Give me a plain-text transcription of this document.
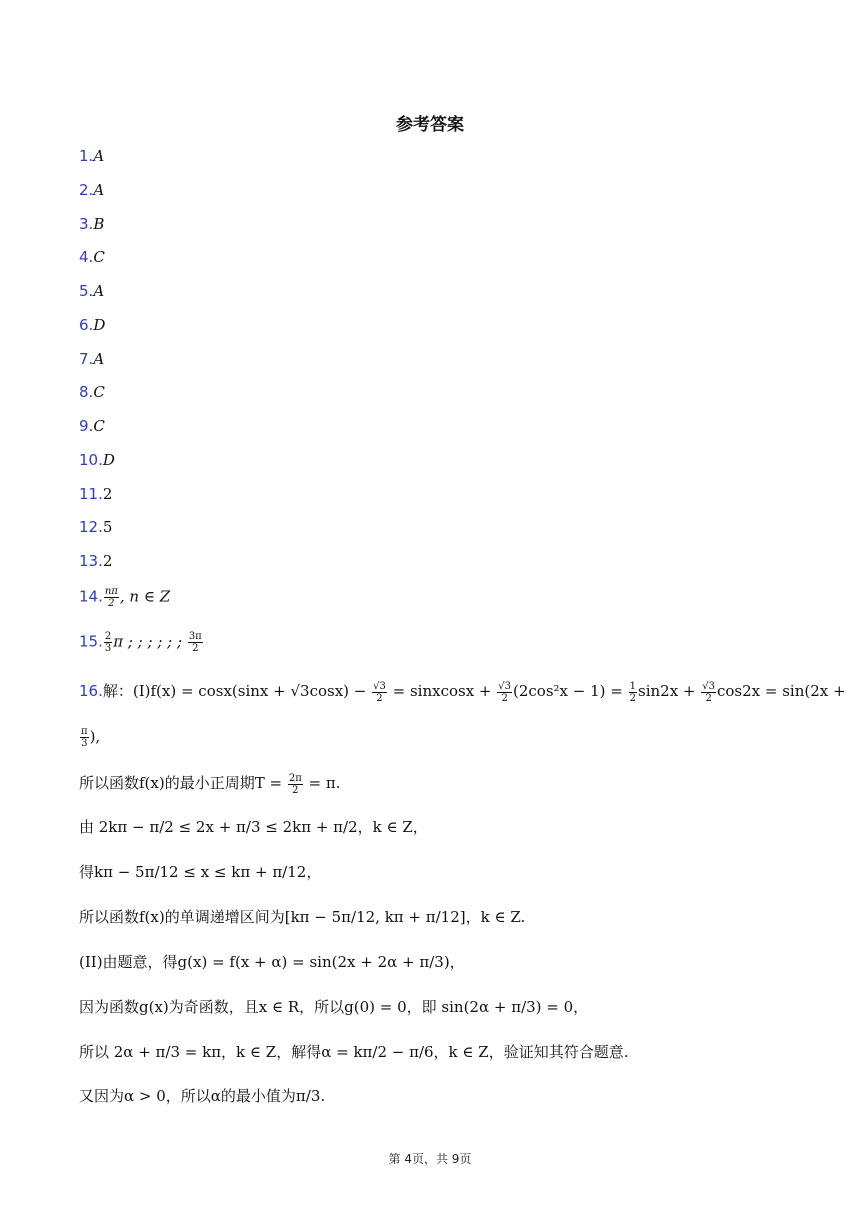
参考答案
1.A
2.A
3.B
4.C
5.A
6.D
7.A
8.C
9.C
10.D
11.2
12.5
13.2
14. $\frac{n\pi}{2}$ , n ∈ Z
15. $\frac{2}{3}$ π ; ; ; ; ; ; $\frac{3\pi}{2}$
16.解：$(I)f(x) = \cos x(\sin x + √3\cos x) - \frac{√3}{2}$ = sinxcosx + $\frac{√3}{2} (2\cos^2x - 1) = \frac{1}{2} \sin 2x + \frac{√3}{2} \cos 2x = \sin(2x$ +
$\frac{\pi}{3}$ ),
所以函数f(x)的最小正周期$T = \frac{2\pi}{2} = \pi$.
由 2kπ − π/2 ≤ 2x + π/3 ≤ 2kπ + π/2，k ∈ Z，
得kπ − 5π/12 ≤ x ≤ kπ + π/12，
所以函数f(x)的单调递增区间为[kπ − 5π/12, kπ + π/12]，k ∈ Z.
(II)由题意，得g(x) = f(x + α) = sin(2x + 2α + π/3)，
因为函数g(x)为奇函数，且x ∈ R，所以g(0) = 0，即 sin(2α + π/3) = 0，
所以 2α + π/3 = kπ，k ∈ Z，解得α = kπ/2 − π/6，k ∈ Z，验证知其符合题意.
又因为α > 0，所以α的最小值为π/3.
第 4页，共 9页
